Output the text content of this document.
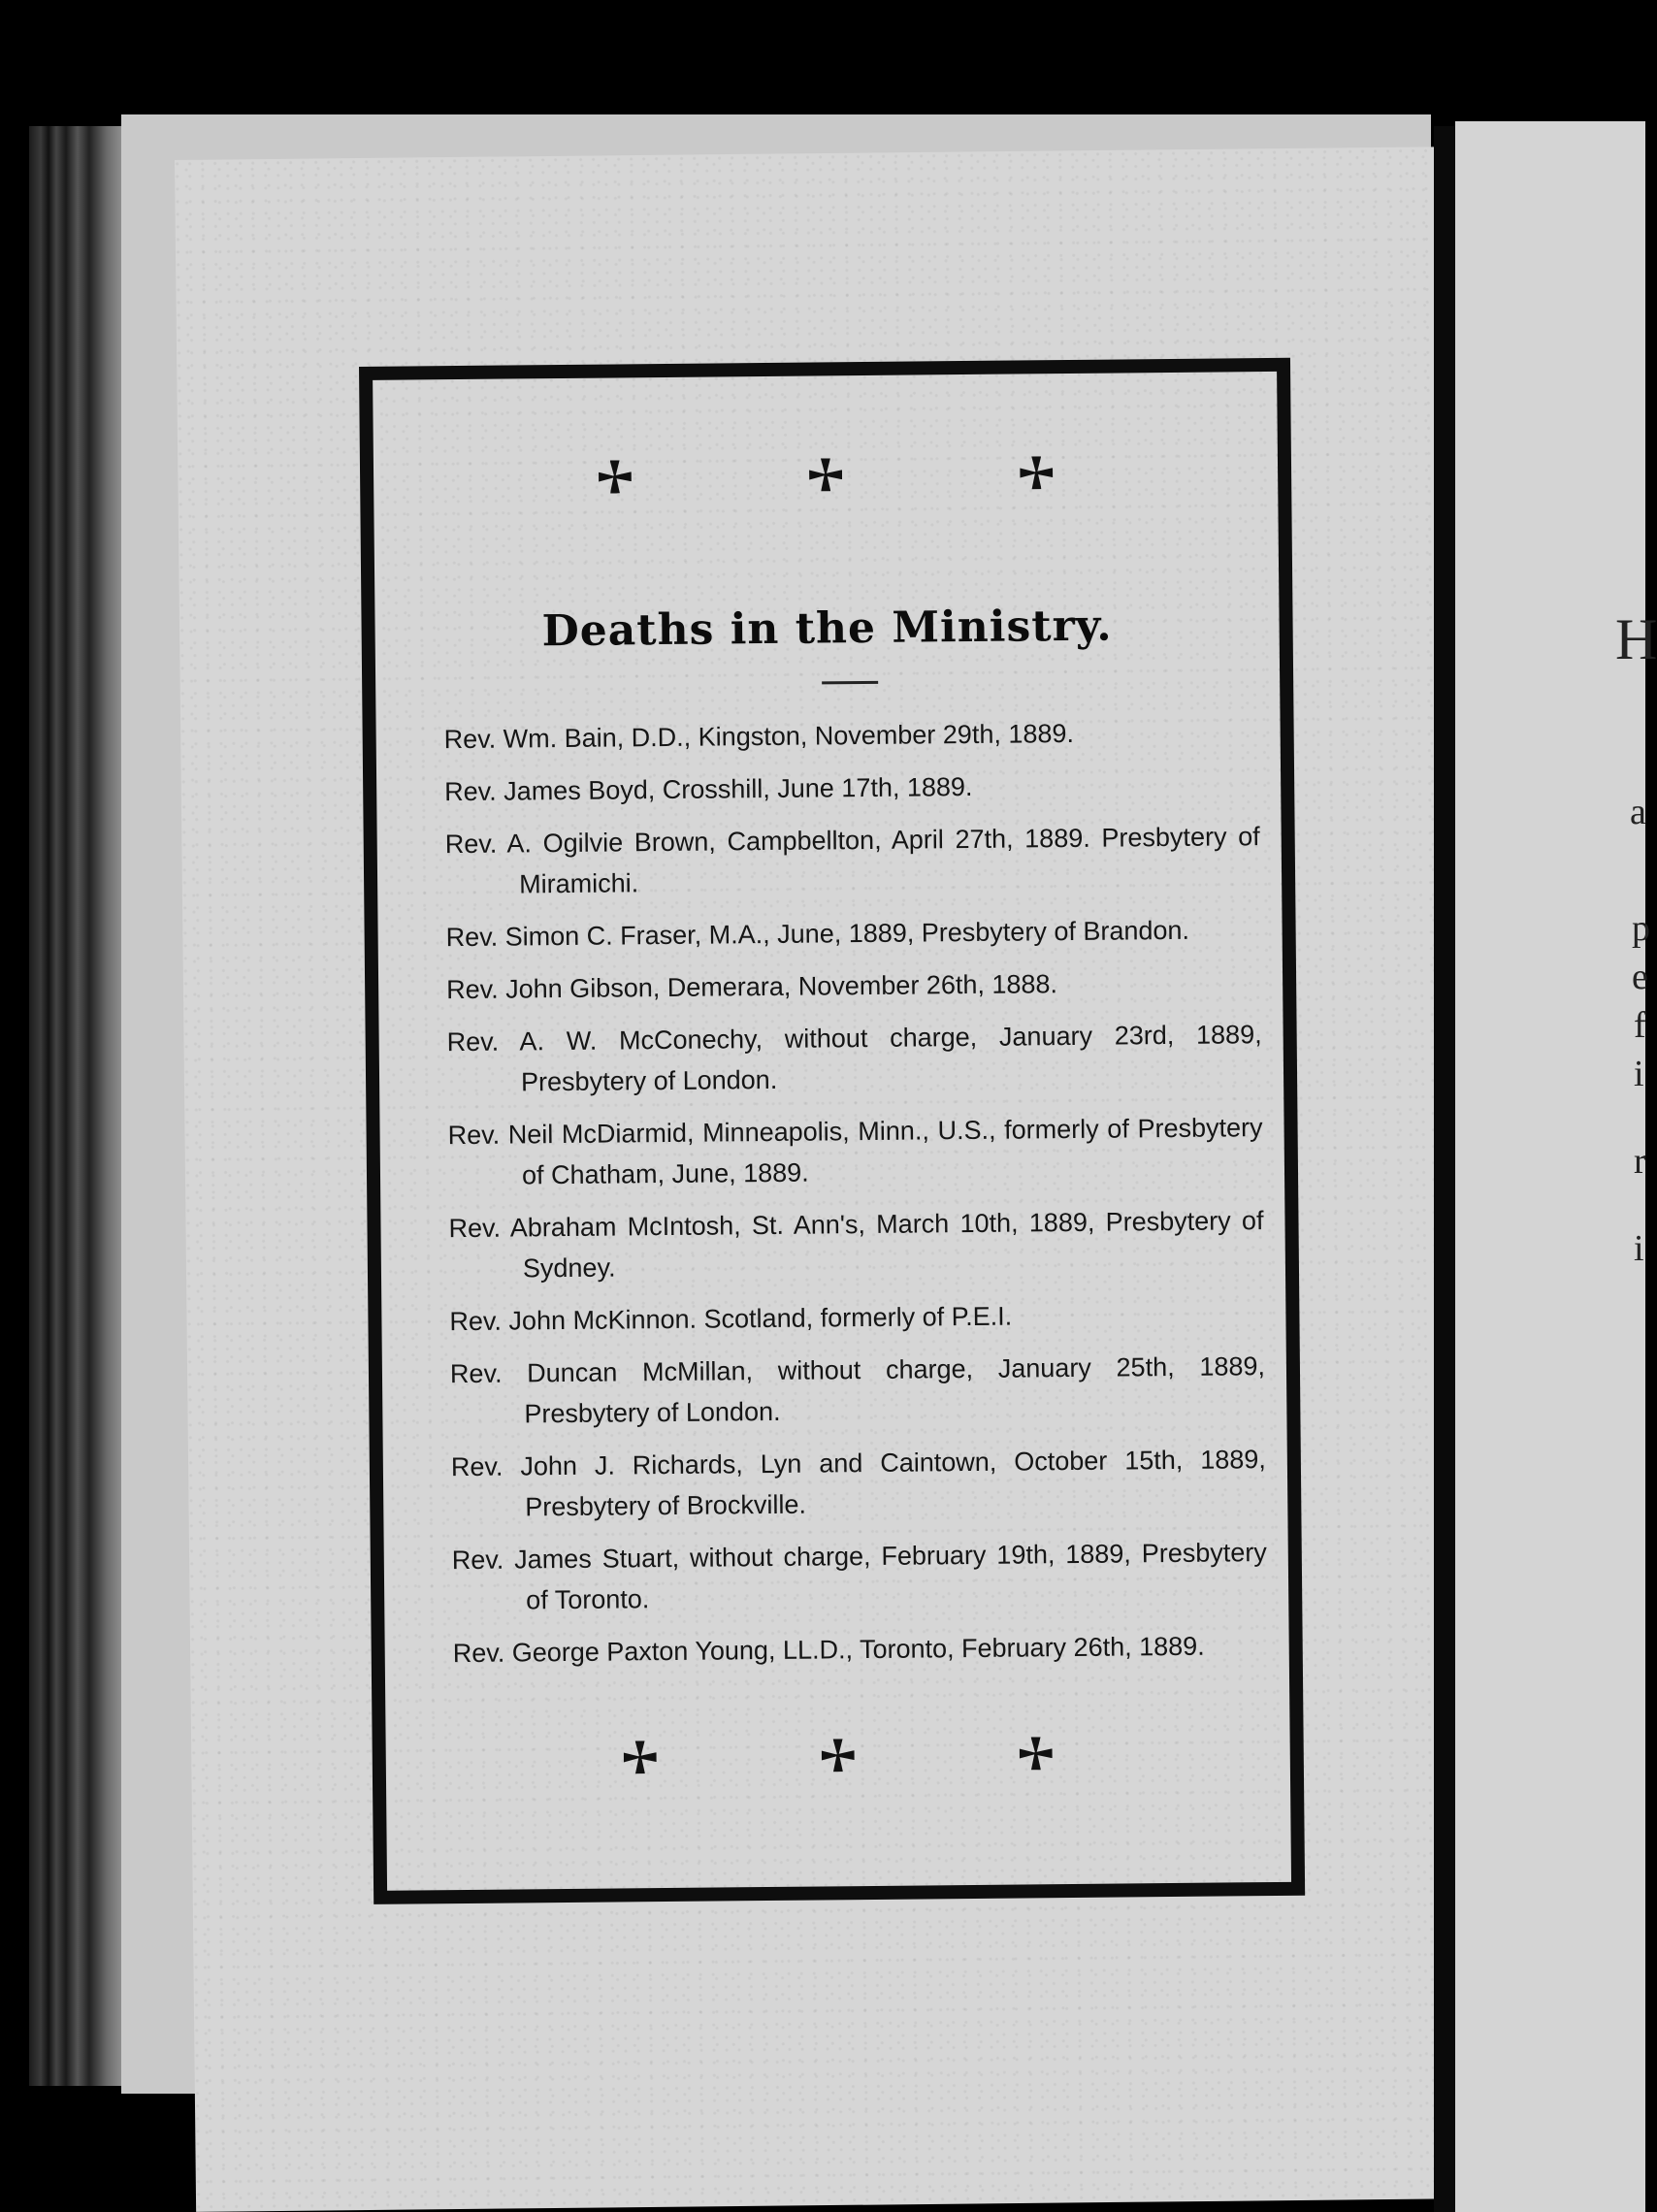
H
a
p
e
f
i
r
i
Deaths in the Ministry.
Rev. Wm. Bain, D.D., Kingston, November 29th, 1889.
Rev. James Boyd, Crosshill, June 17th, 1889.
Rev. A. Ogilvie Brown, Campbellton, April 27th, 1889. Presbytery of Miramichi.
Rev. Simon C. Fraser, M.A., June, 1889, Presbytery of Brandon.
Rev. John Gibson, Demerara, November 26th, 1888.
Rev. A. W. McConechy, without charge, January 23rd, 1889, Presbytery of London.
Rev. Neil McDiarmid, Minneapolis, Minn., U.S., formerly of Presbytery of Chatham, June, 1889.
Rev. Abraham McIntosh, St. Ann's, March 10th, 1889, Presbytery of Sydney.
Rev. John McKinnon. Scotland, formerly of P.E.I.
Rev. Duncan McMillan, without charge, January 25th, 1889, Presbytery of London.
Rev. John J. Richards, Lyn and Caintown, October 15th, 1889, Presbytery of Brockville.
Rev. James Stuart, without charge, February 19th, 1889, Presbytery of Toronto.
Rev. George Paxton Young, LL.D., Toronto, February 26th, 1889.
